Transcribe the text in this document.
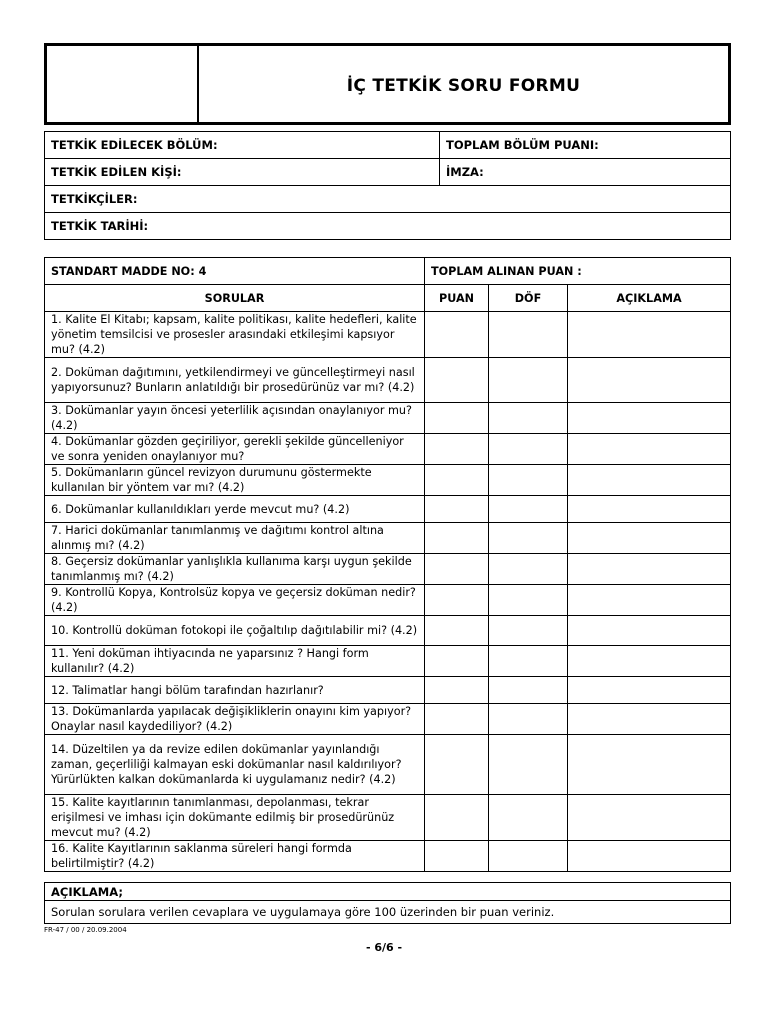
İÇ TETKİK SORU FORMU
TETKİK EDİLECEK BÖLÜM:	TOPLAM BÖLÜM PUANI:
TETKİK EDİLEN KİŞİ:	İMZA:
TETKİKÇİLER:	
TETKİK TARİHİ:	
STANDART MADDE NO: 4	TOPLAM ALINAN PUAN :		
SORULAR	PUAN	DÖF	AÇIKLAMA
1. Kalite El Kitabı; kapsam, kalite politikası, kalite hedefleri, kalite yönetim temsilcisi ve prosesler arasındaki etkileşimi kapsıyor mu? (4.2)			
2. Doküman dağıtımını, yetkilendirmeyi ve güncelleştirmeyi nasıl yapıyorsunuz? Bunların anlatıldığı bir prosedürünüz var mı? (4.2)			
3. Dokümanlar yayın öncesi yeterlilik açısından onaylanıyor mu? (4.2)			
4. Dokümanlar gözden geçiriliyor, gerekli şekilde güncelleniyor ve sonra yeniden onaylanıyor mu?			
5. Dokümanların güncel revizyon durumunu göstermekte kullanılan bir yöntem var mı? (4.2)			
6. Dokümanlar kullanıldıkları yerde mevcut mu? (4.2)			
7. Harici dokümanlar tanımlanmış ve dağıtımı kontrol altına alınmış mı? (4.2)			
8. Geçersiz dokümanlar yanlışlıkla kullanıma karşı uygun şekilde tanımlanmış mı? (4.2)			
9. Kontrollü Kopya, Kontrolsüz kopya ve geçersiz doküman nedir? (4.2)			
10. Kontrollü doküman fotokopi ile çoğaltılıp dağıtılabilir mi? (4.2)			
11. Yeni doküman ihtiyacında ne yaparsınız ? Hangi form kullanılır? (4.2)			
12. Talimatlar hangi bölüm tarafından hazırlanır?			
13. Dokümanlarda yapılacak değişikliklerin onayını kim yapıyor? Onaylar nasıl kaydediliyor? (4.2)			
14. Düzeltilen ya da revize edilen dokümanlar yayınlandığı zaman, geçerliliği kalmayan eski dokümanlar nasıl kaldırılıyor? Yürürlükten kalkan dokümanlarda ki uygulamanız nedir? (4.2)			
15. Kalite kayıtlarının tanımlanması, depolanması, tekrar erişilmesi ve imhası için dokümante edilmiş bir prosedürünüz mevcut mu? (4.2)			
16. Kalite Kayıtlarının saklanma süreleri hangi formda belirtilmiştir? (4.2)			
AÇIKLAMA;
Sorulan sorulara verilen cevaplara ve uygulamaya göre 100 üzerinden bir puan veriniz.
FR-47 / 00 / 20.09.2004
- 6/6 -
